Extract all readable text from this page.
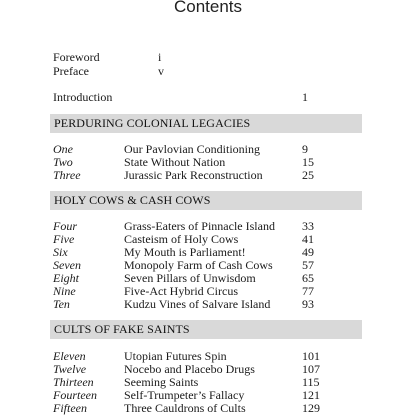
Contents
Foreword	i
Preface	v
Introduction	1
PERDURING COLONIAL LEGACIES
One	Our Pavlovian Conditioning	9
Two	State Without Nation	15
Three	Jurassic Park Reconstruction	25
HOLY COWS & CASH COWS
Four	Grass-Eaters of Pinnacle Island 33
Five	Casteism of Holy Cows	41
Six	My Mouth is Parliament!	49
Seven	Monopoly Farm of Cash Cows 57
Eight	Seven Pillars of Unwisdom	65
Nine	Five-Act Hybrid Circus	77
Ten	Kudzu Vines of Salvare Island	93
CULTS OF FAKE SAINTS
Eleven	Utopian Futures Spin	101
Twelve	Nocebo and Placebo Drugs	107
Thirteen	Seeming Saints	115
Fourteen Self-Trumpeter’s Fallacy	121
Fifteen	Three Cauldrons of Cults	129
